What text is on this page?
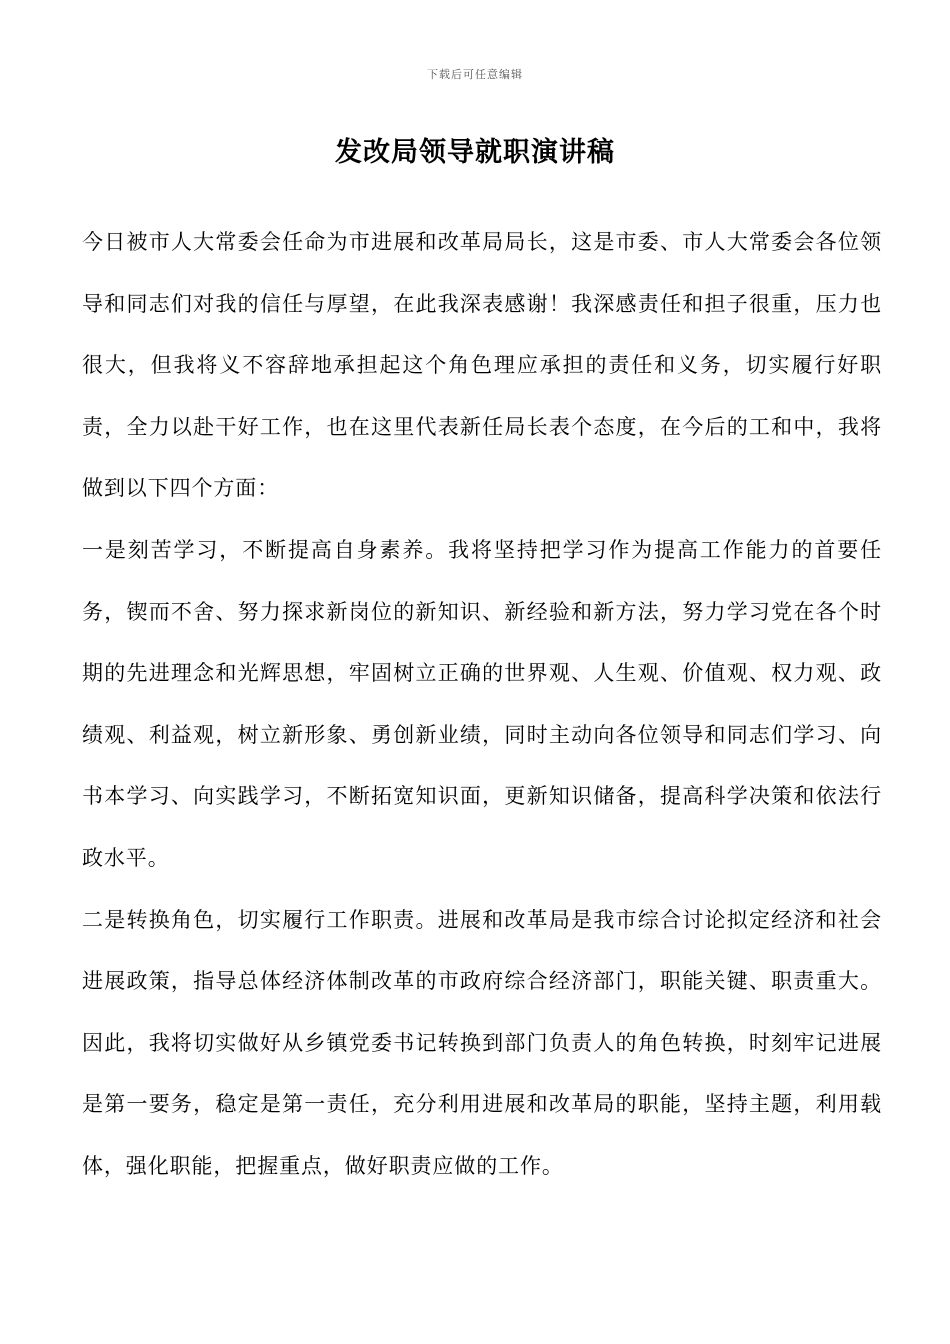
下载后可任意编辑
发改局领导就职演讲稿

今日被市人大常委会任命为市进展和改革局局长，这是市委、市人大常委会各位领导和同志们对我的信任与厚望，在此我深表感谢！我深感责任和担子很重，压力也很大，但我将义不容辞地承担起这个角色理应承担的责任和义务，切实履行好职责，全力以赴干好工作，也在这里代表新任局长表个态度，在今后的工和中，我将做到以下四个方面：

一是刻苦学习，不断提高自身素养。我将坚持把学习作为提高工作能力的首要任务，锲而不舍、努力探求新岗位的新知识、新经验和新方法，努力学习党在各个时期的先进理念和光辉思想，牢固树立正确的世界观、人生观、价值观、权力观、政绩观、利益观，树立新形象、勇创新业绩，同时主动向各位领导和同志们学习、向书本学习、向实践学习，不断拓宽知识面，更新知识储备，提高科学决策和依法行政水平。

二是转换角色，切实履行工作职责。进展和改革局是我市综合讨论拟定经济和社会进展政策，指导总体经济体制改革的市政府综合经济部门，职能关键、职责重大。因此，我将切实做好从乡镇党委书记转换到部门负责人的角色转换，时刻牢记进展是第一要务，稳定是第一责任，充分利用进展和改革局的职能，坚持主题，利用载体，强化职能，把握重点，做好职责应做的工作。
